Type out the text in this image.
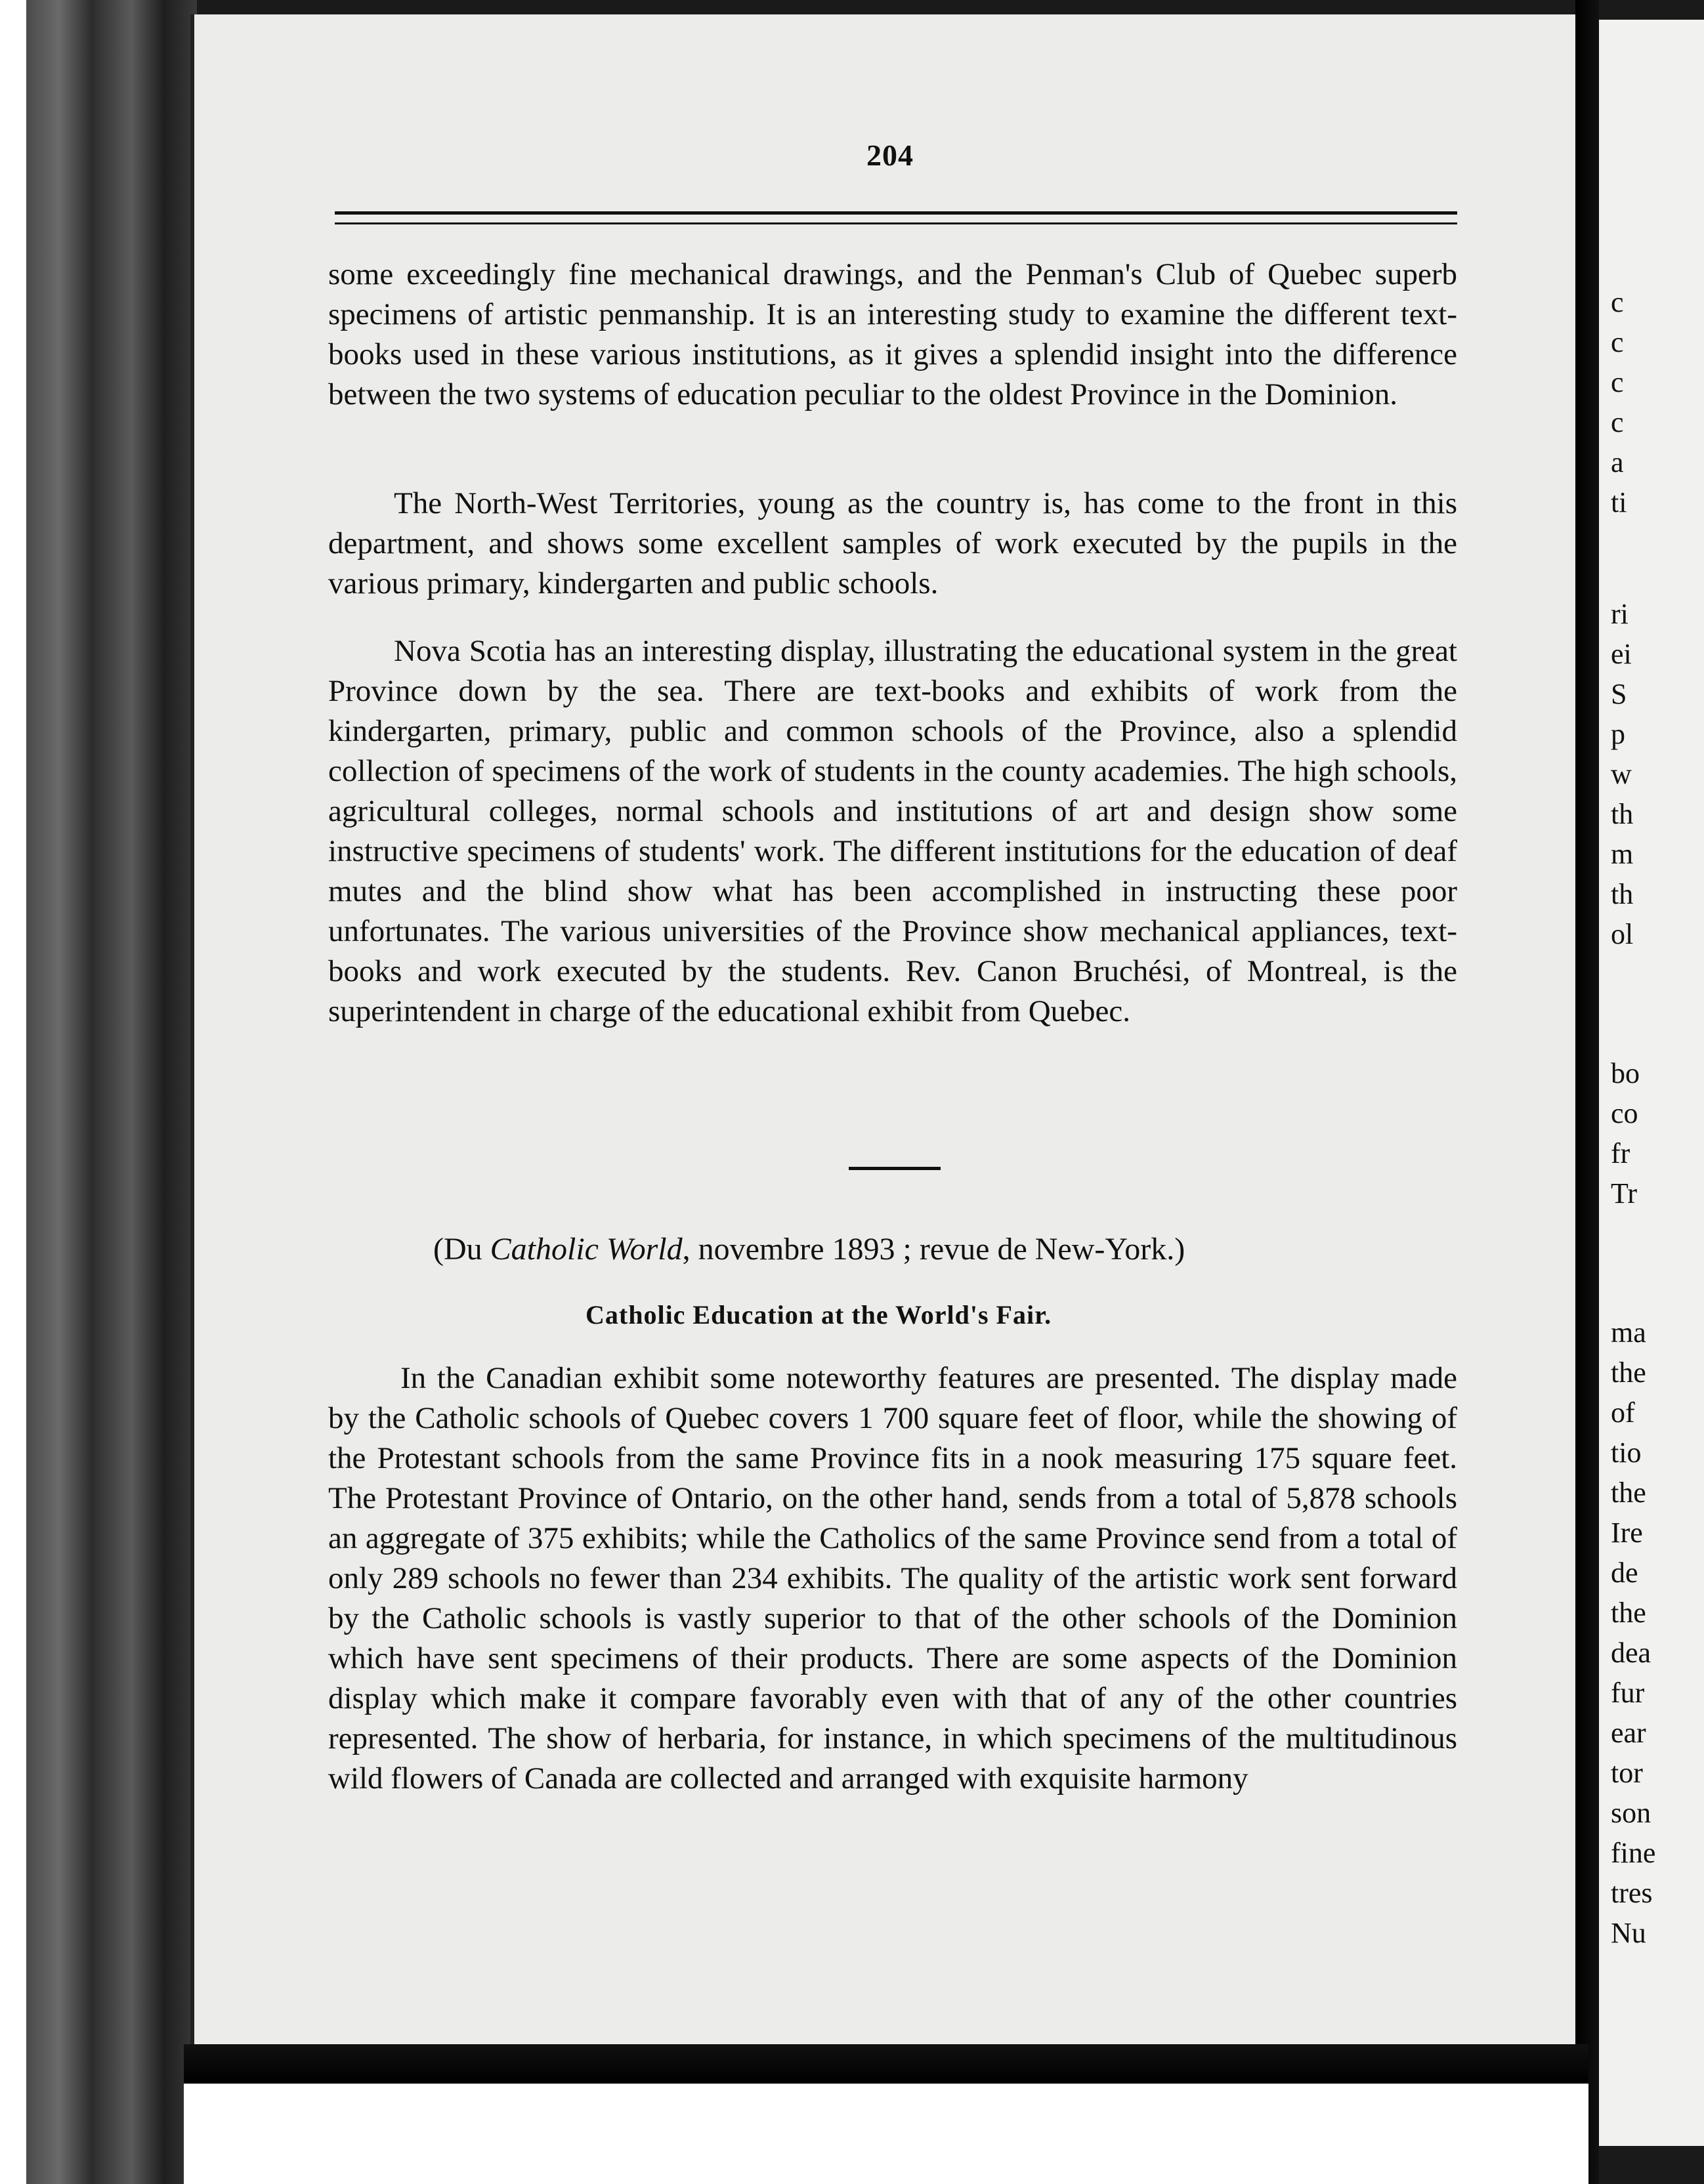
c
c
c
c
a
ti
ri
ei
S
p
w
th
m
th
ol
bo
co
fr
Tr
ma
the
of
tio
the
Ire
de
the
dea
fur
ear
tor
son
fine
tres
Nu
204
some exceedingly fine mechanical drawings, and the Penman's Club of Quebec superb specimens of artistic penmanship. It is an interesting study to examine the different text-books used in these various institutions, as it gives a splendid insight into the difference between the two systems of education peculiar to the oldest Province in the Dominion.
The North-West Territories, young as the country is, has come to the front in this department, and shows some excellent samples of work executed by the pupils in the various primary, kindergarten and public schools.
Nova Scotia has an interesting display, illustrating the educational system in the great Province down by the sea. There are text-books and exhibits of work from the kindergarten, primary, public and common schools of the Province, also a splendid collection of specimens of the work of students in the county academies. The high schools, agricultural colleges, normal schools and institutions of art and design show some instructive specimens of students' work. The different institutions for the education of deaf mutes and the blind show what has been accomplished in instructing these poor unfortunates. The various universities of the Province show mechanical appliances, text-books and work executed by the students. Rev. Canon Bruchési, of Montreal, is the superintendent in charge of the educational exhibit from Quebec.
(Du Catholic World, novembre 1893 ; revue de New-York.)
Catholic Education at the World's Fair.
In the Canadian exhibit some noteworthy features are presented. The display made by the Catholic schools of Quebec covers 1 700 square feet of floor, while the showing of the Protestant schools from the same Province fits in a nook measuring 175 square feet. The Protestant Province of Ontario, on the other hand, sends from a total of 5,878 schools an aggregate of 375 exhibits; while the Catholics of the same Province send from a total of only 289 schools no fewer than 234 exhibits. The quality of the artistic work sent forward by the Catholic schools is vastly superior to that of the other schools of the Dominion which have sent specimens of their products. There are some aspects of the Dominion display which make it compare favorably even with that of any of the other countries represented. The show of herbaria, for instance, in which specimens of the multitudinous wild flowers of Canada are collected and arranged with exquisite harmony
